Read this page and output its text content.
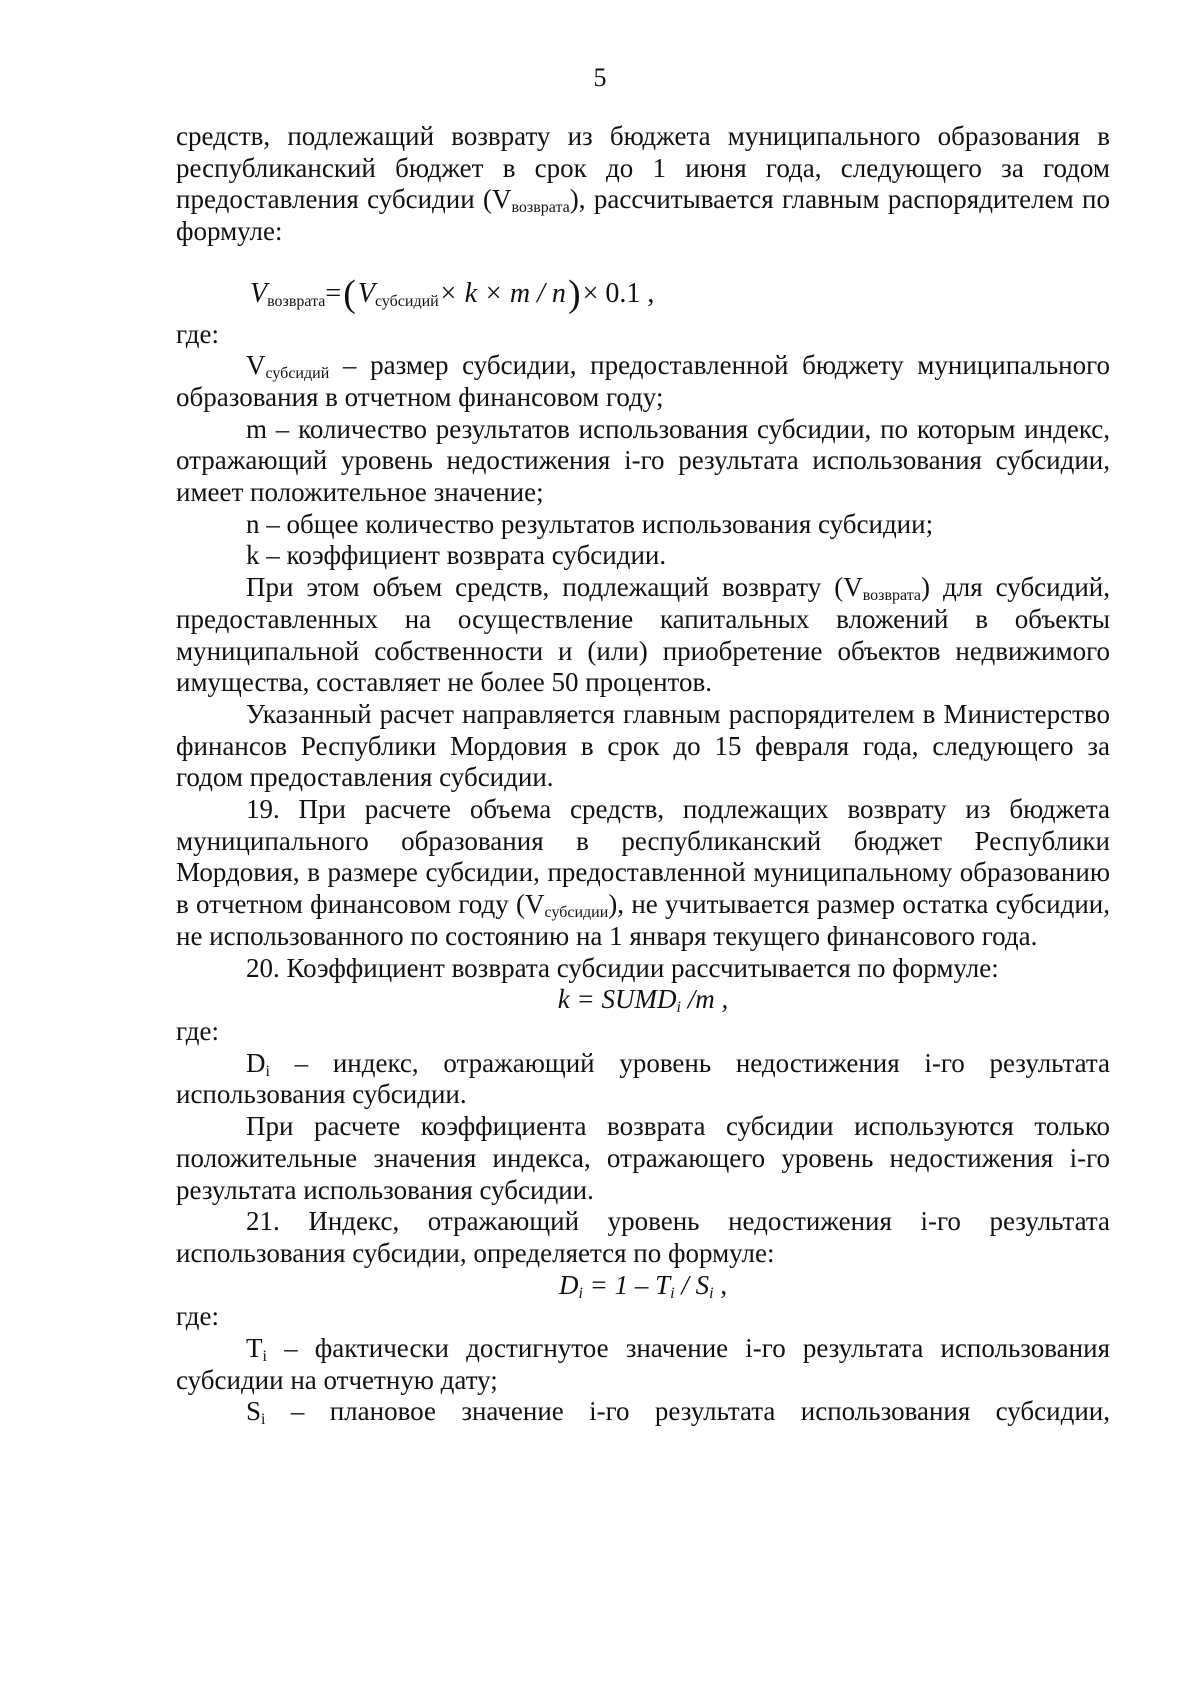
5

средств, подлежащий возврату из бюджета муниципального образования в республиканский бюджет в срок до 1 июня года, следующего за годом предоставления субсидии $(V_{возврата})$, рассчитывается главным распорядителем по формуле:

$V_{возврата}=(V_{субсидий}\times k \times m / n)\times 0.1$ ,

где:

$V_{субсидий}$ – размер субсидии, предоставленной бюджету муниципального образования в отчетном финансовом году;

m – количество результатов использования субсидии, по которым индекс, отражающий уровень недостижения i-го результата использования субсидии, имеет положительное значение;

n – общее количество результатов использования субсидии;

k – коэффициент возврата субсидии.

При этом объем средств, подлежащий возврату $(V_{возврата})$ для субсидий, предоставленных на осуществление капитальных вложений в объекты муниципальной собственности и (или) приобретение объектов недвижимого имущества, составляет не более 50 процентов.

Указанный расчет направляется главным распорядителем в Министерство финансов Республики Мордовия в срок до 15 февраля года, следующего за годом предоставления субсидии.

19. При расчете объема средств, подлежащих возврату из бюджета муниципального образования в республиканский бюджет Республики Мордовия, в размере субсидии, предоставленной муниципальному образованию в отчетном финансовом году $(V_{субсидии})$, не учитывается размер остатка субсидии, не использованного по состоянию на 1 января текущего финансового года.

20. Коэффициент возврата субсидии рассчитывается по формуле:

$k = SUMD_i$ /m ,

где:

$D_i$ – индекс, отражающий уровень недостижения i-го результата использования субсидии.

При расчете коэффициента возврата субсидии используются только положительные значения индекса, отражающего уровень недостижения i-го результата использования субсидии.

21. Индекс, отражающий уровень недостижения i-го результата использования субсидии, определяется по формуле:

$D_i = 1 - T_i / S_i$ ,

где:

$T_i$ – фактически достигнутое значение i-го результата использования субсидии на отчетную дату;

$S_i$ – плановое значение i-го результата использования субсидии,
